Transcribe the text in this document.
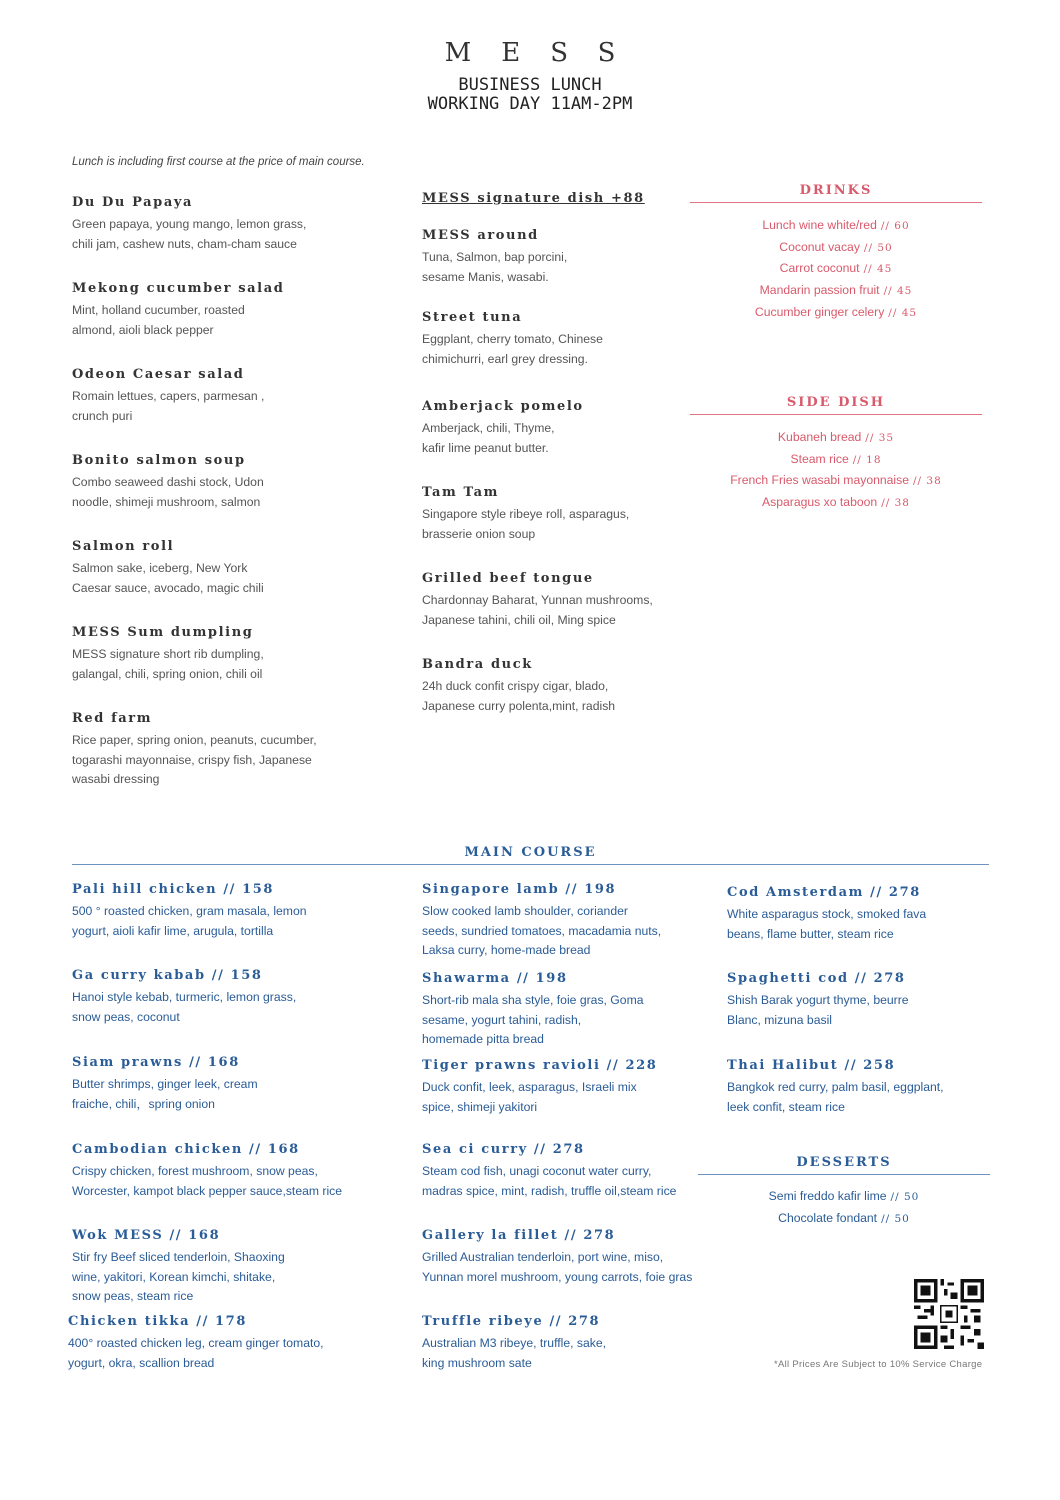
MESS
BUSINESS LUNCH
WORKING DAY 11AM-2PM
Lunch is including first course at the price of main course.
Du Du Papaya
Green papaya, young mango, lemon grass,
chili jam, cashew nuts, cham-cham sauce
Mekong cucumber salad
Mint, holland cucumber, roasted
almond, aioli black pepper
Odeon Caesar salad
Romain lettues, capers, parmesan ,
crunch puri
Bonito salmon soup
Combo seaweed dashi stock, Udon
noodle, shimeji mushroom, salmon
Salmon roll
Salmon sake, iceberg, New York
Caesar sauce, avocado, magic chili
MESS Sum dumpling
MESS signature short rib dumpling,
galangal, chili, spring onion, chili oil
Red farm
Rice paper, spring onion, peanuts, cucumber,
togarashi mayonnaise, crispy fish, Japanese
wasabi dressing
MESS signature dish +88
MESS around
Tuna, Salmon, bap porcini,
sesame Manis, wasabi.
Street tuna
Eggplant, cherry tomato, Chinese
chimichurri, earl grey dressing.
Amberjack pomelo
Amberjack, chili, Thyme,
kafir lime peanut butter.
Tam Tam
Singapore style ribeye roll, asparagus,
brasserie onion soup
Grilled beef tongue
Chardonnay Baharat, Yunnan mushrooms,
Japanese tahini, chili oil, Ming spice
Bandra duck
24h duck confit crispy cigar, blado,
Japanese curry polenta,mint, radish
DRINKS
Lunch wine white/red // 60
Coconut vacay // 50
Carrot coconut // 45
Mandarin passion fruit // 45
Cucumber ginger celery // 45
SIDE DISH
Kubaneh bread // 35
Steam rice // 18
French Fries wasabi mayonnaise // 38
Asparagus xo taboon // 38
MAIN COURSE
Pali hill chicken // 158
500 ° roasted chicken, gram masala, lemon
yogurt, aioli kafir lime, arugula, tortilla
Ga curry kabab // 158
Hanoi style kebab, turmeric, lemon grass,
snow peas, coconut
Siam prawns // 168
Butter shrimps, ginger leek, cream
fraiche, chili，spring onion
Cambodian chicken // 168
Crispy chicken, forest mushroom, snow peas,
Worcester, kampot black pepper sauce,steam rice
Wok MESS // 168
Stir fry Beef sliced tenderloin, Shaoxing
wine, yakitori, Korean kimchi, shitake,
snow peas, steam rice
Chicken tikka // 178
400° roasted chicken leg, cream ginger tomato,
yogurt, okra, scallion bread
Singapore lamb // 198
Slow cooked lamb shoulder, coriander
seeds, sundried tomatoes, macadamia nuts,
Laksa curry, home-made bread
Shawarma // 198
Short-rib mala sha style, foie gras, Goma
sesame, yogurt tahini, radish,
homemade pitta bread
Tiger prawns ravioli // 228
Duck confit, leek, asparagus, Israeli mix
spice, shimeji yakitori
Sea ci curry // 278
Steam cod fish, unagi coconut water curry,
madras spice, mint, radish, truffle oil,steam rice
Gallery la fillet // 278
Grilled Australian tenderloin, port wine, miso,
Yunnan morel mushroom, young carrots, foie gras
Truffle ribeye // 278
Australian M3 ribeye, truffle, sake,
king mushroom sate
Cod Amsterdam // 278
White asparagus stock, smoked fava
beans, flame butter, steam rice
Spaghetti cod // 278
Shish Barak yogurt thyme, beurre
Blanc, mizuna basil
Thai Halibut // 258
Bangkok red curry, palm basil, eggplant,
leek confit, steam rice
DESSERTS
Semi freddo kafir lime // 50
Chocolate fondant // 50
*All Prices Are Subject to 10% Service Charge
